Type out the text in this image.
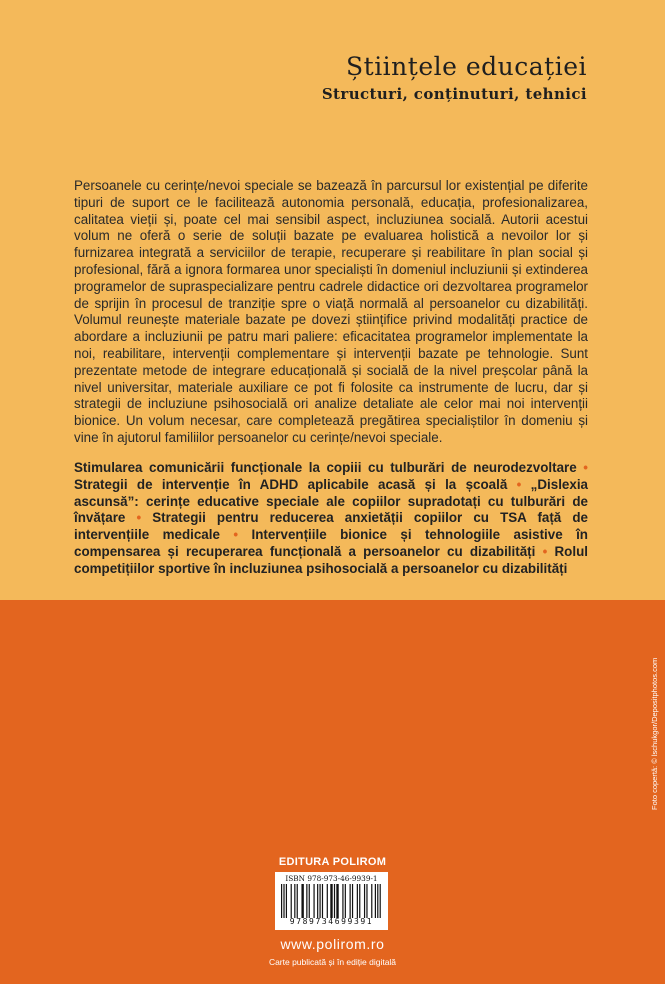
Științele educației
Structuri, conținuturi, tehnici

Persoanele cu cerințe/nevoi speciale se bazează în parcursul lor existențial pe diferite tipuri de suport ce le facilitează autonomia personală, educația, profesionalizarea, calitatea vieții și, poate cel mai sensibil aspect, incluziunea socială. Autorii acestui volum ne oferă o serie de soluții bazate pe evaluarea holistică a nevoilor lor și furnizarea integrată a serviciilor de terapie, recuperare și reabilitare în plan social și profesional, fără a ignora formarea unor specialiști în domeniul incluziunii și extinderea programelor de supraspecializare pentru cadrele didactice ori dezvoltarea programelor de sprijin în procesul de tranziție spre o viață normală al persoanelor cu dizabilități. Volumul reunește materiale bazate pe dovezi științifice privind modalități practice de abordare a incluziunii pe patru mari paliere: eficacitatea programelor implementate la noi, reabilitare, intervenții complementare și intervenții bazate pe tehnologie. Sunt prezentate metode de integrare educațională și socială de la nivel preșcolar până la nivel universitar, materiale auxiliare ce pot fi folosite ca instrumente de lucru, dar și strategii de incluziune psihosocială ori analize detaliate ale celor mai noi intervenții bionice. Un volum necesar, care completează pregătirea specialiștilor în domeniu și vine în ajutorul familiilor persoanelor cu cerințe/nevoi speciale.

Stimularea comunicării funcționale la copiii cu tulburări de neurodezvoltare • Strategii de intervenție în ADHD aplicabile acasă și la școală • „Dislexia ascunsă”: cerințe educative speciale ale copiilor supradotați cu tulburări de învățare • Strategii pentru reducerea anxietății copiilor cu TSA față de intervențiile medicale • Intervențiile bionice și tehnologiile asistive în compensarea și recuperarea funcțională a persoanelor cu dizabilități • Rolul competițiilor sportive în incluziunea psihosocială a persoanelor cu dizabilități

EDITURA POLIROM
ISBN 978-973-46-9939-1
9789734699391
www.polirom.ro
Carte publicată și în ediție digitală
Foto copertă: © lschukgor/Depositphotos.com
